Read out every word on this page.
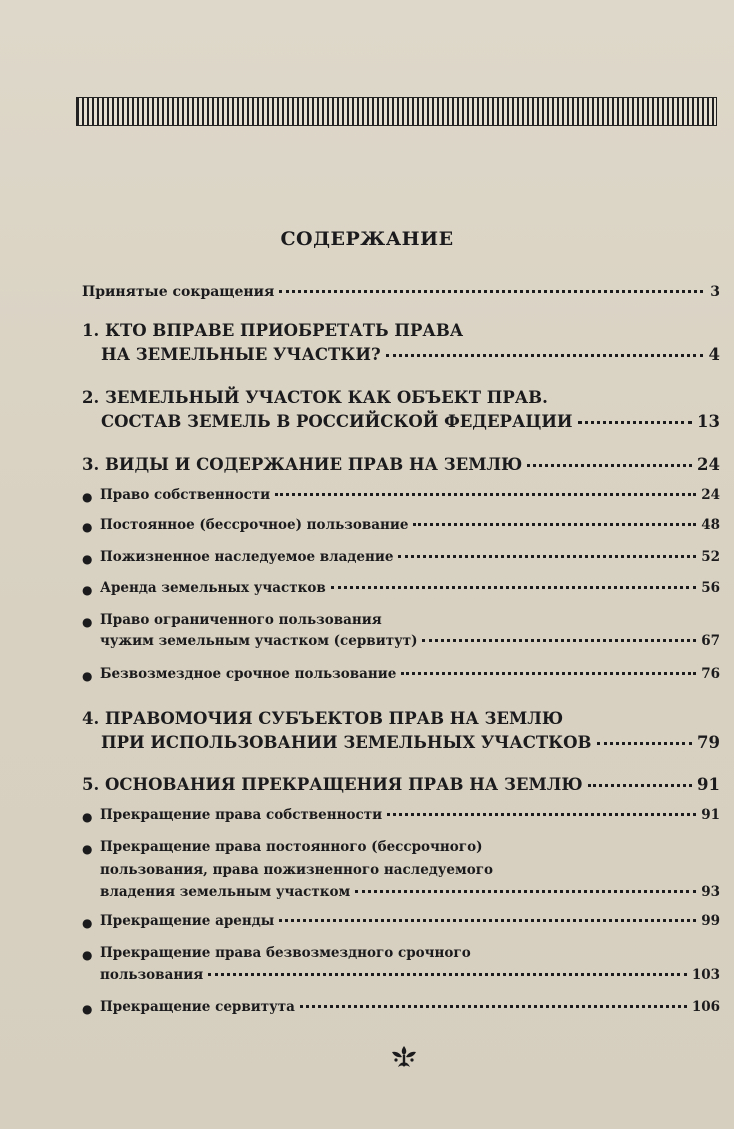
СОДЕРЖАНИЕ
Принятые сокращения	3
1. КТО ВПРАВЕ ПРИОБРЕТАТЬ ПРАВА
НА ЗЕМЕЛЬНЫЕ УЧАСТКИ?	4
2. ЗЕМЕЛЬНЫЙ УЧАСТОК КАК ОБЪЕКТ ПРАВ.
СОСТАВ ЗЕМЕЛЬ В РОССИЙСКОЙ ФЕДЕРАЦИИ	13
3. ВИДЫ И СОДЕРЖАНИЕ ПРАВ НА ЗЕМЛЮ	24
● Право собственности	24
● Постоянное (бессрочное) пользование	48
● Пожизненное наследуемое владение	52
● Аренда земельных участков	56
● Право ограниченного пользования
чужим земельным участком (сервитут)	67
● Безвозмездное срочное пользование	76
4. ПРАВОМОЧИЯ СУБЪЕКТОВ ПРАВ НА ЗЕМЛЮ
ПРИ ИСПОЛЬЗОВАНИИ ЗЕМЕЛЬНЫХ УЧАСТКОВ	79
5. ОСНОВАНИЯ ПРЕКРАЩЕНИЯ ПРАВ НА ЗЕМЛЮ	91
● Прекращение права собственности	91
● Прекращение права постоянного (бессрочного)
пользования, права пожизненного наследуемого
владения земельным участком	93
● Прекращение аренды	99
● Прекращение права безвозмездного срочного
пользования	103
● Прекращение сервитута	106
